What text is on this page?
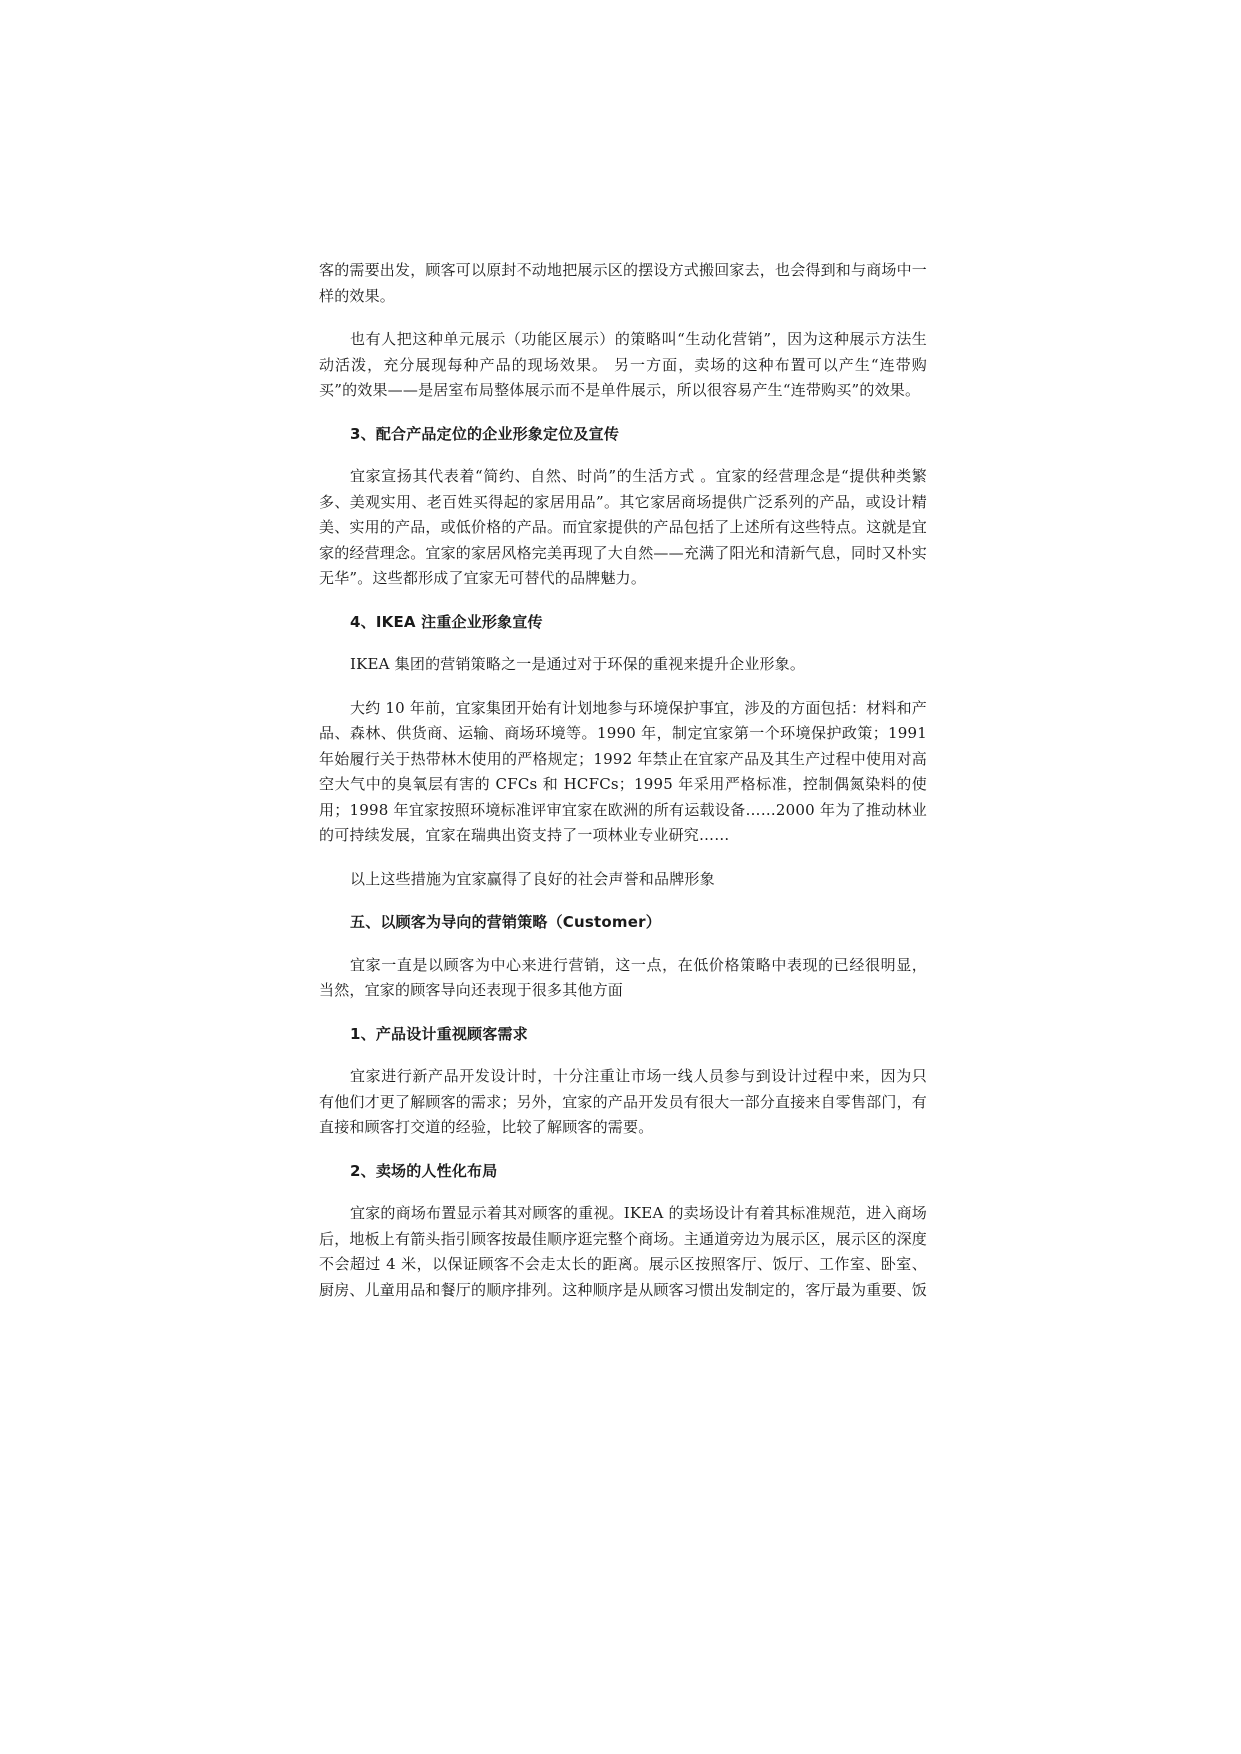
客的需要出发，顾客可以原封不动地把展示区的摆设方式搬回家去，也会得到和与商场中一样的效果。

也有人把这种单元展示（功能区展示）的策略叫“生动化营销”，因为这种展示方法生动活泼，充分展现每种产品的现场效果。 另一方面，卖场的这种布置可以产生“连带购买”的效果——是居室布局整体展示而不是单件展示，所以很容易产生“连带购买”的效果。

3、配合产品定位的企业形象定位及宣传

宜家宣扬其代表着“简约、自然、时尚”的生活方式 。宜家的经营理念是“提供种类繁多、美观实用、老百姓买得起的家居用品”。其它家居商场提供广泛系列的产品，或设计精美、实用的产品，或低价格的产品。而宜家提供的产品包括了上述所有这些特点。这就是宜家的经营理念。宜家的家居风格完美再现了大自然——充满了阳光和清新气息，同时又朴实无华”。这些都形成了宜家无可替代的品牌魅力。

4、IKEA 注重企业形象宣传

IKEA 集团的营销策略之一是通过对于环保的重视来提升企业形象。

大约 10 年前，宜家集团开始有计划地参与环境保护事宜，涉及的方面包括：材料和产品、森林、供货商、运输、商场环境等。1990 年，制定宜家第一个环境保护政策；1991年始履行关于热带林木使用的严格规定；1992 年禁止在宜家产品及其生产过程中使用对高空大气中的臭氧层有害的 CFCs 和 HCFCs；1995 年采用严格标准，控制偶氮染料的使用；1998 年宜家按照环境标准评审宜家在欧洲的所有运载设备……2000 年为了推动林业的可持续发展，宜家在瑞典出资支持了一项林业专业研究……

以上这些措施为宜家赢得了良好的社会声誉和品牌形象

五、以顾客为导向的营销策略（Customer）

宜家一直是以顾客为中心来进行营销，这一点，在低价格策略中表现的已经很明显，当然，宜家的顾客导向还表现于很多其他方面

1、产品设计重视顾客需求

宜家进行新产品开发设计时，十分注重让市场一线人员参与到设计过程中来，因为只有他们才更了解顾客的需求；另外，宜家的产品开发员有很大一部分直接来自零售部门，有直接和顾客打交道的经验，比较了解顾客的需要。

2、卖场的人性化布局

宜家的商场布置显示着其对顾客的重视。IKEA 的卖场设计有着其标准规范，进入商场后，地板上有箭头指引顾客按最佳顺序逛完整个商场。主通道旁边为展示区，展示区的深度不会超过 4 米，以保证顾客不会走太长的距离。展示区按照客厅、饭厅、工作室、卧室、厨房、儿童用品和餐厅的顺序排列。这种顺序是从顾客习惯出发制定的，客厅最为重要、饭
